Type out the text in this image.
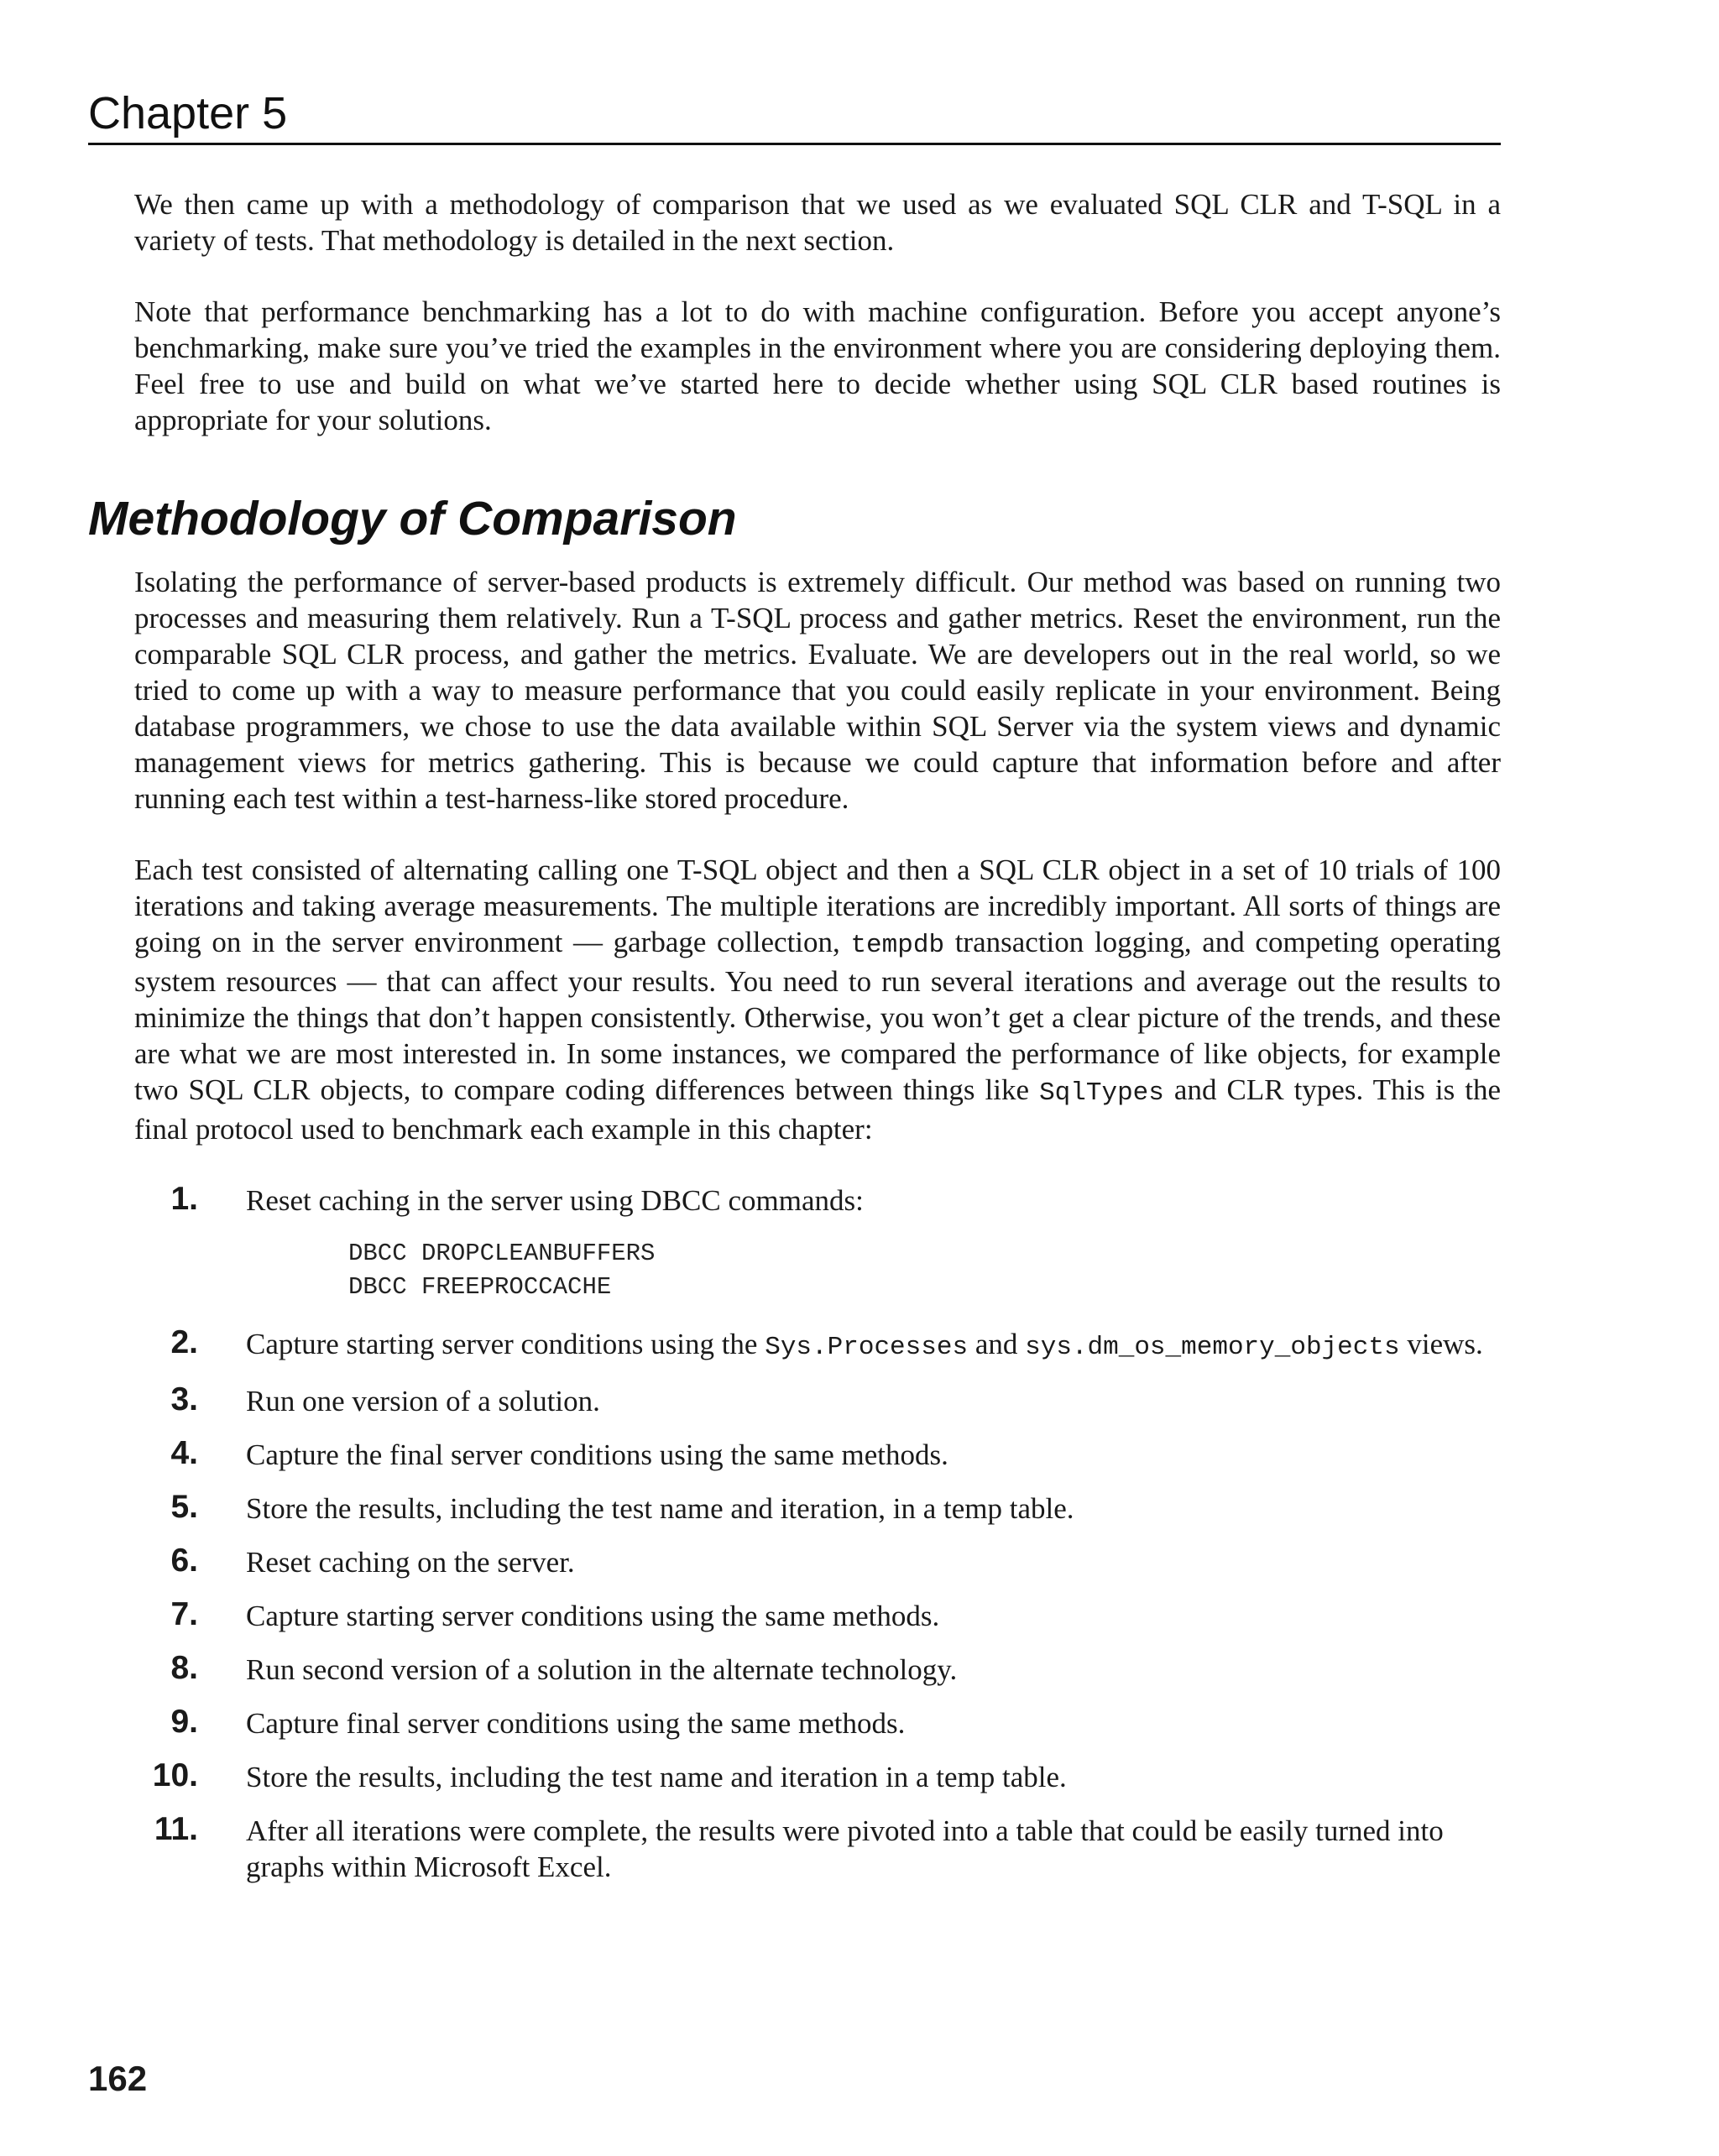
Chapter 5

We then came up with a methodology of comparison that we used as we evaluated SQL CLR and T-SQL in a variety of tests. That methodology is detailed in the next section.

Note that performance benchmarking has a lot to do with machine configuration. Before you accept anyone’s benchmarking, make sure you’ve tried the examples in the environment where you are considering deploying them. Feel free to use and build on what we’ve started here to decide whether using SQL CLR based routines is appropriate for your solutions.

Methodology of Comparison

Isolating the performance of server-based products is extremely difficult. Our method was based on running two processes and measuring them relatively. Run a T-SQL process and gather metrics. Reset the environment, run the comparable SQL CLR process, and gather the metrics. Evaluate. We are developers out in the real world, so we tried to come up with a way to measure performance that you could easily replicate in your environment. Being database programmers, we chose to use the data available within SQL Server via the system views and dynamic management views for metrics gathering. This is because we could capture that information before and after running each test within a test-harness-like stored procedure.

Each test consisted of alternating calling one T-SQL object and then a SQL CLR object in a set of 10 trials of 100 iterations and taking average measurements. The multiple iterations are incredibly important. All sorts of things are going on in the server environment — garbage collection, tempdb transaction logging, and competing operating system resources — that can affect your results. You need to run several iterations and average out the results to minimize the things that don’t happen consistently. Otherwise, you won’t get a clear picture of the trends, and these are what we are most interested in. In some instances, we compared the performance of like objects, for example two SQL CLR objects, to compare coding differences between things like SqlTypes and CLR types. This is the final protocol used to benchmark each example in this chapter:

1. Reset caching in the server using DBCC commands:
DBCC DROPCLEANBUFFERS
DBCC FREEPROCCACHE
2. Capture starting server conditions using the Sys.Processes and sys.dm_os_memory_objects views.
3. Run one version of a solution.
4. Capture the final server conditions using the same methods.
5. Store the results, including the test name and iteration, in a temp table.
6. Reset caching on the server.
7. Capture starting server conditions using the same methods.
8. Run second version of a solution in the alternate technology.
9. Capture final server conditions using the same methods.
10. Store the results, including the test name and iteration in a temp table.
11. After all iterations were complete, the results were pivoted into a table that could be easily turned into graphs within Microsoft Excel.
162
